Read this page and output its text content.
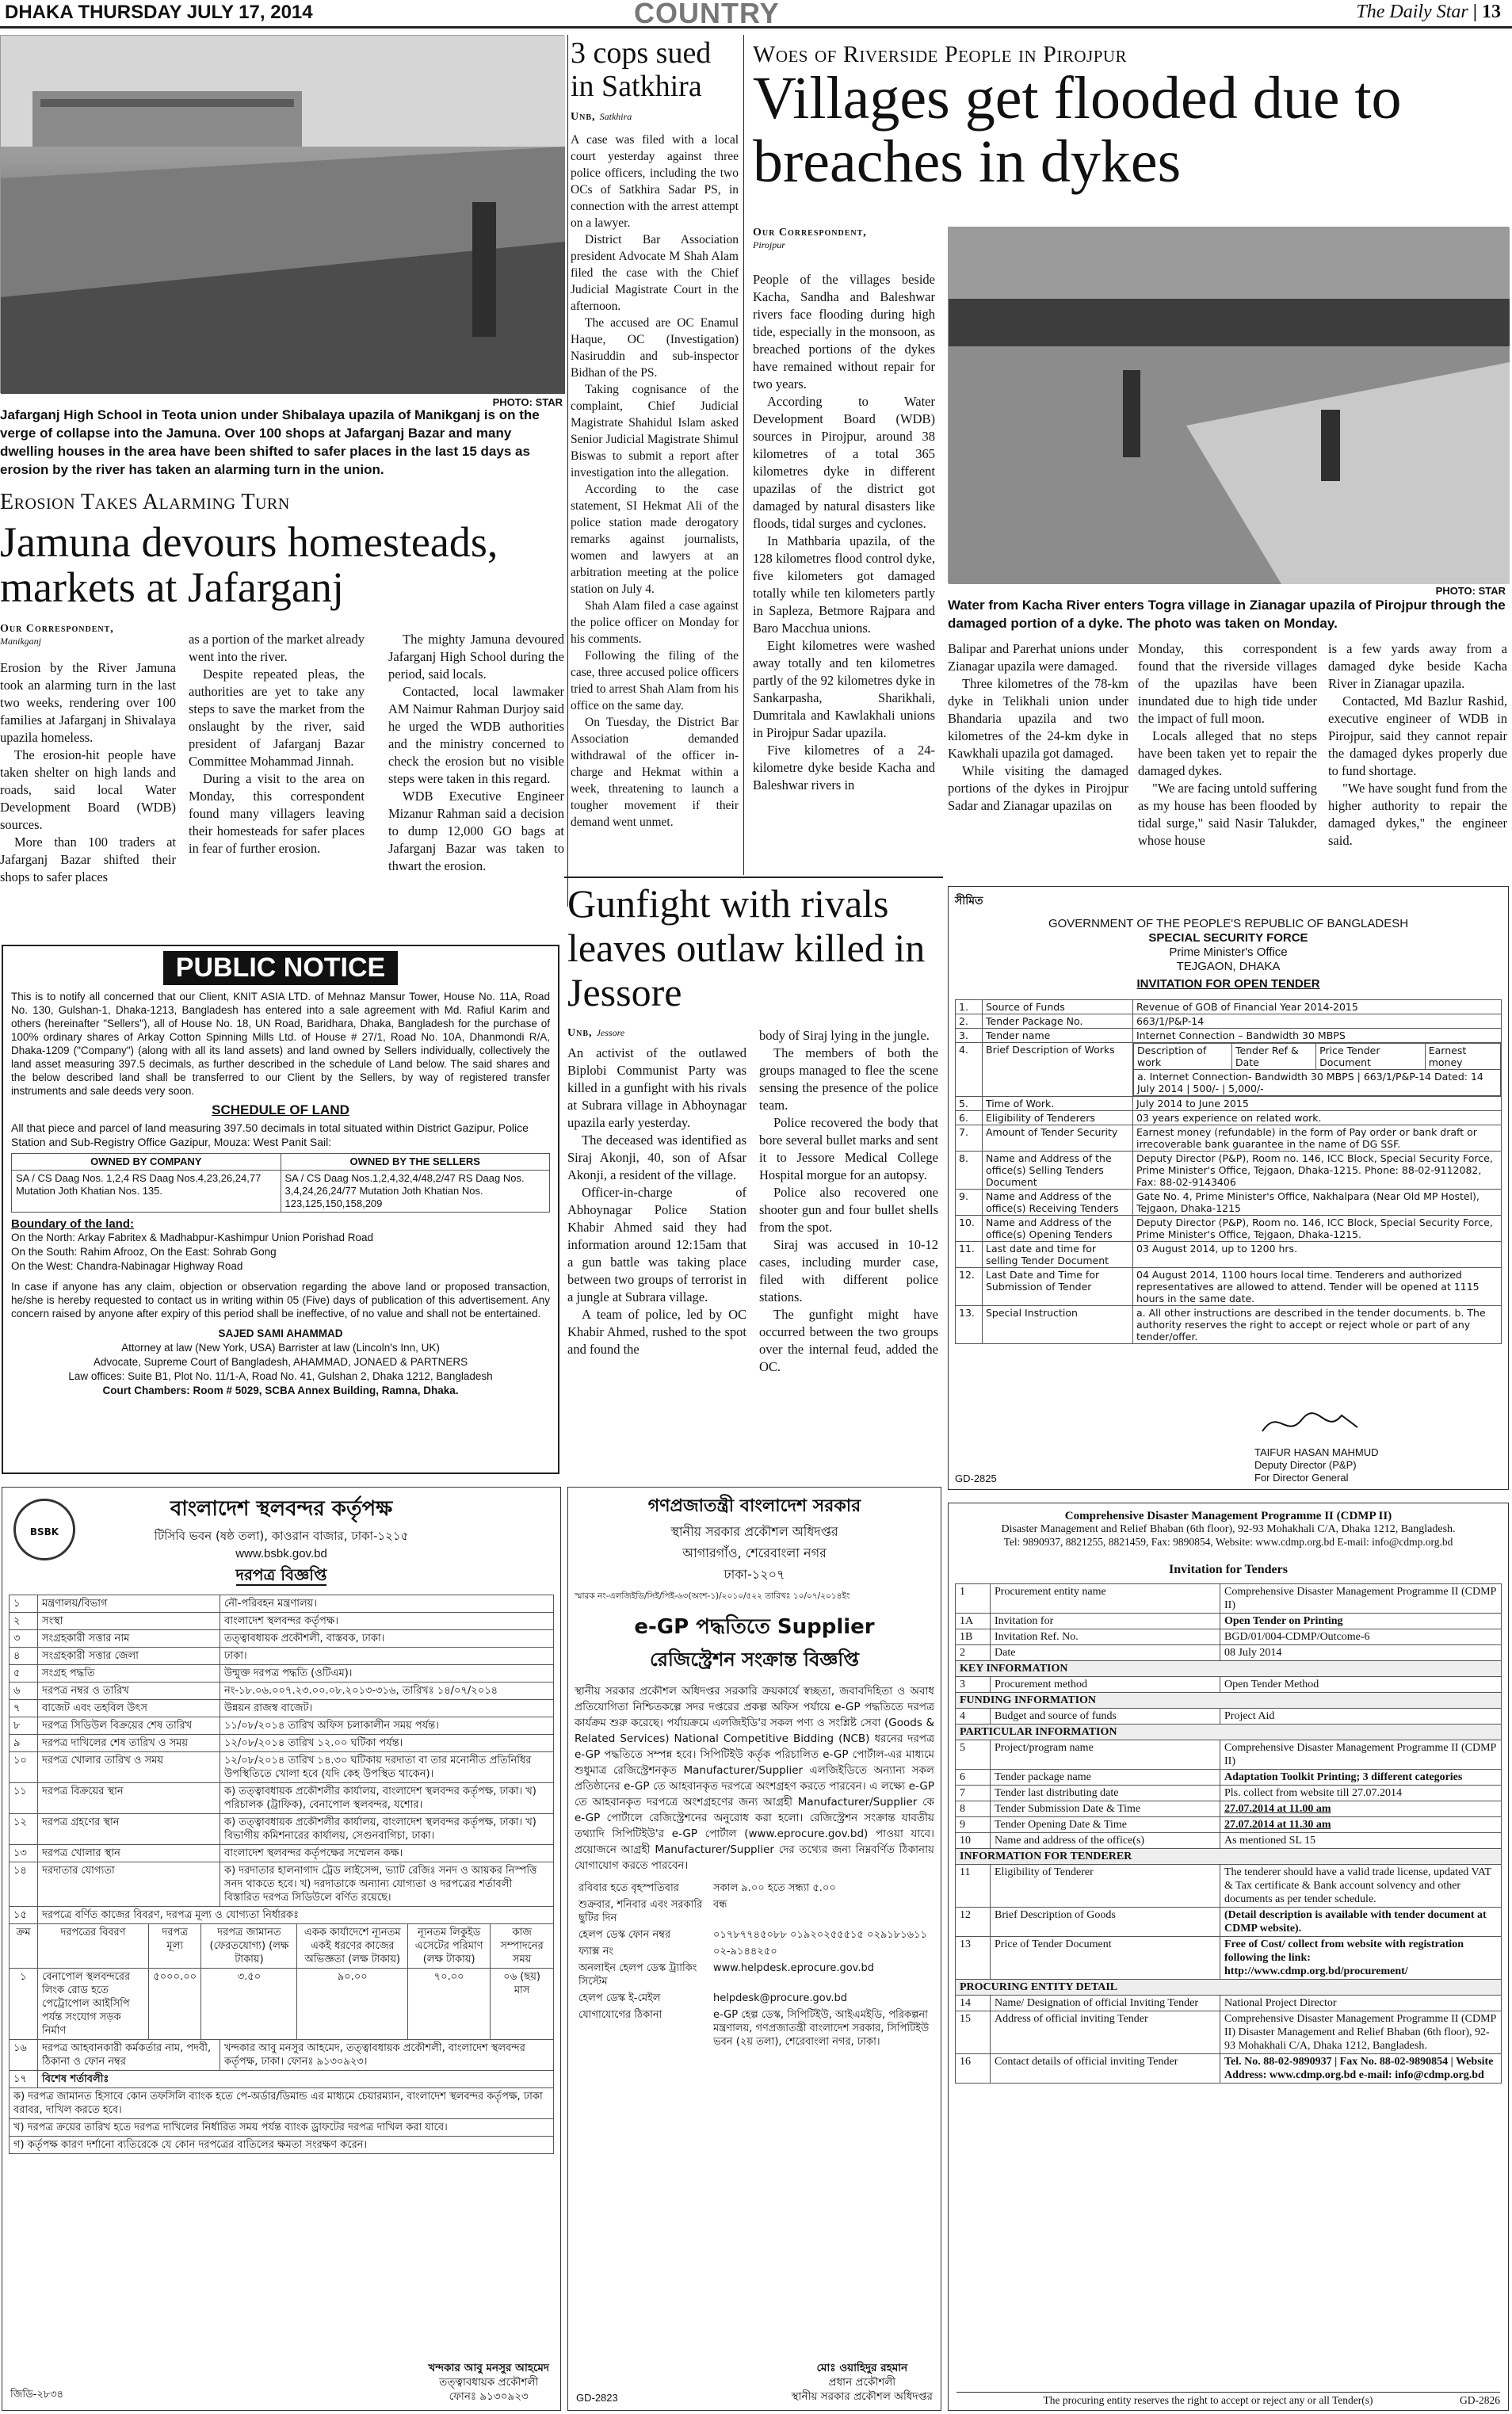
DHAKA THURSDAY JULY 17, 2014	COUNTRY	The Daily Star | 13
PHOTO: STAR
Jafarganj High School in Teota union under Shibalaya upazila of Manikganj is on the verge of collapse into the Jamuna. Over 100 shops at Jafarganj Bazar and many dwelling houses in the area have been shifted to safer places in the last 15 days as erosion by the river has taken an alarming turn in the union.
Erosion Takes Alarming Turn
Jamuna devours homesteads, markets at Jafarganj
Our Correspondent,
Manikganj

Erosion by the River Jamuna took an alarming turn in the last two weeks, rendering over 100 families at Jafarganj in Shivalaya upazila homeless.

The erosion-hit people have taken shelter on high lands and roads, said local Water Development Board (WDB) sources.

More than 100 traders at Jafarganj Bazar shifted their shops to safer places

as a portion of the market already went into the river.

Despite repeated pleas, the authorities are yet to take any steps to save the market from the onslaught by the river, said president of Jafarganj Bazar Committee Mohammad Jinnah.

During a visit to the area on Monday, this correspondent found many villagers leaving their homesteads for safer places in fear of further erosion.

The mighty Jamuna devoured Jafarganj High School during the period, said locals.

Contacted, local lawmaker AM Naimur Rahman Durjoy said he urged the WDB authorities and the ministry concerned to check the erosion but no visible steps were taken in this regard.

WDB Executive Engineer Mizanur Rahman said a decision to dump 12,000 GO bags at Jafarganj Bazar was taken to thwart the erosion.

3 cops sued in Satkhira
Unb, Satkhira

A case was filed with a local court yesterday against three police officers, including the two OCs of Satkhira Sadar PS, in connection with the arrest attempt on a lawyer.

District Bar Association president Advocate M Shah Alam filed the case with the Chief Judicial Magistrate Court in the afternoon.

The accused are OC Enamul Haque, OC (Investigation) Nasiruddin and sub-inspector Bidhan of the PS.

Taking cognisance of the complaint, Chief Judicial Magistrate Shahidul Islam asked Senior Judicial Magistrate Shimul Biswas to submit a report after investigation into the allegation.

According to the case statement, SI Hekmat Ali of the police station made derogatory remarks against journalists, women and lawyers at an arbitration meeting at the police station on July 4.

Shah Alam filed a case against the police officer on Monday for his comments.

Following the filing of the case, three accused police officers tried to arrest Shah Alam from his office on the same day.

On Tuesday, the District Bar Association demanded withdrawal of the officer in-charge and Hekmat within a week, threatening to launch a tougher movement if their demand went unmet.

Woes of Riverside People in Pirojpur
Villages get flooded due to breaches in dykes
Our Correspondent,
Pirojpur

People of the villages beside Kacha, Sandha and Baleshwar rivers face flooding during high tide, especially in the monsoon, as breached portions of the dykes have remained without repair for two years.

According to Water Development Board (WDB) sources in Pirojpur, around 38 kilometres of a total 365 kilometres dyke in different upazilas of the district got damaged by natural disasters like floods, tidal surges and cyclones.

In Mathbaria upazila, of the 128 kilometres flood control dyke, five kilometers got damaged totally while ten kilometers partly in Sapleza, Betmore Rajpara and Baro Macchua unions.

Eight kilometres were washed away totally and ten kilometres partly of the 92 kilometres dyke in Sankarpasha, Sharikhali, Dumritala and Kawlakhali unions in Pirojpur Sadar upazila.

Five kilometres of a 24-kilometre dyke beside Kacha and Baleshwar rivers in

PHOTO: STAR
Water from Kacha River enters Togra village in Zianagar upazila of Pirojpur through the damaged portion of a dyke. The photo was taken on Monday.

Balipar and Parerhat unions under Zianagar upazila were damaged.

Three kilometres of the 78-km dyke in Telikhali union under Bhandaria upazila and two kilometres of the 24-km dyke in Kawkhali upazila got damaged.

While visiting the damaged portions of the dykes in Pirojpur Sadar and Zianagar upazilas on

Monday, this correspondent found that the riverside villages of the upazilas have been inundated due to high tide under the impact of full moon.

Locals alleged that no steps have been taken yet to repair the damaged dykes.

"We are facing untold suffering as my house has been flooded by tidal surge," said Nasir Talukder, whose house

is a few yards away from a damaged dyke beside Kacha River in Zianagar upazila.

Contacted, Md Bazlur Rashid, executive engineer of WDB in Pirojpur, said they cannot repair the damaged dykes properly due to fund shortage.

"We have sought fund from the higher authority to repair the damaged dykes," the engineer said.

Gunfight with rivals leaves outlaw killed in Jessore
Unb, Jessore

An activist of the outlawed Biplobi Communist Party was killed in a gunfight with his rivals at Subrara village in Abhoynagar upazila early yesterday.

The deceased was identified as Siraj Akonji, 40, son of Afsar Akonji, a resident of the village.

Officer-in-charge of Abhoynagar Police Station Khabir Ahmed said they had information around 12:15am that a gun battle was taking place between two groups of terrorist in a jungle at Subrara village.

A team of police, led by OC Khabir Ahmed, rushed to the spot and found the

body of Siraj lying in the jungle.

The members of both the groups managed to flee the scene sensing the presence of the police team.

Police recovered the body that bore several bullet marks and sent it to Jessore Medical College Hospital morgue for an autopsy.

Police also recovered one shooter gun and four bullet shells from the spot.

Siraj was accused in 10-12 cases, including murder case, filed with different police stations.

The gunfight might have occurred between the two groups over the internal feud, added the OC.

PUBLIC NOTICE
This is to notify all concerned that our Client, KNIT ASIA LTD. of Mehnaz Mansur Tower, House No. 11A, Road No. 130, Gulshan-1, Dhaka-1213, Bangladesh has entered into a sale agreement with Md. Rafiul Karim and others (hereinafter "Sellers"), all of House No. 18, UN Road, Baridhara, Dhaka, Bangladesh for the purchase of 100% ordinary shares of Arkay Cotton Spinning Mills Ltd. of House # 27/1, Road No. 10A, Dhanmondi R/A, Dhaka-1209 ("Company") (along with all its land assets) and land owned by Sellers individually, collectively the land asset measuring 397.5 decimals, as further described in the schedule of Land below. The said shares and the below described land shall be transferred to our Client by the Sellers, by way of registered transfer instruments and sale deeds very soon.
SCHEDULE OF LAND
All that piece and parcel of land measuring 397.50 decimals in total situated within District Gazipur, Police Station and Sub-Registry Office Gazipur, Mouza: West Panit Sail:
OWNED BY COMPANY	OWNED BY THE SELLERS
SA / CS Daag Nos. 1,2,4 RS Daag Nos.4,23,26,24,77 Mutation Joth Khatian Nos. 135.	SA / CS Daag Nos.1,2,4,32,4/48,2/47 RS Daag Nos. 3,4,24,26,24/77 Mutation Joth Khatian Nos. 123,125,150,158,209
Boundary of the land:
On the North: Arkay Fabritex & Madhabpur-Kashimpur Union Porishad Road
On the South: Rahim Afrooz, On the East: Sohrab Gong
On the West: Chandra-Nabinagar Highway Road
In case if anyone has any claim, objection or observation regarding the above land or proposed transaction, he/she is hereby requested to contact us in writing within 05 (Five) days of publication of this advertisement. Any concern raised by anyone after expiry of this period shall be ineffective, of no value and shall not be entertained.
SAJED SAMI AHAMMAD
Attorney at law (New York, USA) Barrister at law (Lincoln's Inn, UK)
Advocate, Supreme Court of Bangladesh, AHAMMAD, JONAED & PARTNERS
Law offices: Suite B1, Plot No. 11/1-A, Road No. 41, Gulshan 2, Dhaka 1212, Bangladesh
Court Chambers: Room # 5029, SCBA Annex Building, Ramna, Dhaka.
সীমিত
GOVERNMENT OF THE PEOPLE'S REPUBLIC OF BANGLADESH
SPECIAL SECURITY FORCE
Prime Minister's Office
TEJGAON, DHAKA
INVITATION FOR OPEN TENDER
1.	Source of Funds	Revenue of GOB of Financial Year 2014-2015
2.	Tender Package No.	663/1/P&P-14
3.	Tender name	Internet Connection – Bandwidth 30 MBPS
4.	Brief Description of Works	Description of work	Tender Ref & Date	Price Tender Document	Earnest money
a. Internet Connection- Bandwidth 30 MBPS | 663/1/P&P-14 Dated: 14 July 2014 | 500/- | 5,000/-

5.	Time of Work.	July 2014 to June 2015
6.	Eligibility of Tenderers	03 years experience on related work.
7.	Amount of Tender Security	Earnest money (refundable) in the form of Pay order or bank draft or irrecoverable bank guarantee in the name of DG SSF.
8.	Name and Address of the office(s) Selling Tenders Document	Deputy Director (P&P), Room no. 146, ICC Block, Special Security Force, Prime Minister's Office, Tejgaon, Dhaka-1215. Phone: 88-02-9112082, Fax: 88-02-9143406
9.	Name and Address of the office(s) Receiving Tenders	Gate No. 4, Prime Minister's Office, Nakhalpara (Near Old MP Hostel), Tejgaon, Dhaka-1215
10.	Name and Address of the office(s) Opening Tenders	Deputy Director (P&P), Room no. 146, ICC Block, Special Security Force, Prime Minister's Office, Tejgaon, Dhaka-1215.
11.	Last date and time for selling Tender Document	03 August 2014, up to 1200 hrs.
12.	Last Date and Time for Submission of Tender	04 August 2014, 1100 hours local time. Tenderers and authorized representatives are allowed to attend. Tender will be opened at 1115 hours in the same date.
13.	Special Instruction	a. All other instructions are described in the tender documents. b. The authority reserves the right to accept or reject whole or part of any tender/offer.
GD-2825
TAIFUR HASAN MAHMUD
Deputy Director (P&P)
For Director General
Comprehensive Disaster Management Programme II (CDMP II)
Disaster Management and Relief Bhaban (6th floor), 92-93 Mohakhali C/A, Dhaka 1212, Bangladesh.
Tel: 9890937, 8821255, 8821459, Fax: 9890854, Website: www.cdmp.org.bd E-mail: info@cdmp.org.bd
Invitation for Tenders
1	Procurement entity name	Comprehensive Disaster Management Programme II (CDMP II)
1A	Invitation for	Open Tender on Printing
1B	Invitation Ref. No.	BGD/01/004-CDMP/Outcome-6
2	Date	08 July 2014
KEY INFORMATION		
3	Procurement method	Open Tender Method
FUNDING INFORMATION		
4	Budget and source of funds	Project Aid
PARTICULAR INFORMATION		
5	Project/program name	Comprehensive Disaster Management Programme II (CDMP II)
6	Tender package name	Adaptation Toolkit Printing; 3 different categories
7	Tender last distributing date	Pls. collect from website till 27.07.2014
8	Tender Submission Date & Time	27.07.2014 at 11.00 am
9	Tender Opening Date & Time	27.07.2014 at 11.30 am
10	Name and address of the office(s)	As mentioned SL 15
INFORMATION FOR TENDERER		
11	Eligibility of Tenderer	The tenderer should have a valid trade license, updated VAT & Tax certificate & Bank account solvency and other documents as per tender schedule.
12	Brief Description of Goods	(Detail description is available with tender document at CDMP website).
13	Price of Tender Document	Free of Cost/ collect from website with registration following the link: http://www.cdmp.org.bd/procurement/
PROCURING ENTITY DETAIL		
14	Name/ Designation of official Inviting Tender	National Project Director
15	Address of official inviting Tender	Comprehensive Disaster Management Programme II (CDMP II) Disaster Management and Relief Bhaban (6th floor), 92-93 Mohakhali C/A, Dhaka 1212, Bangladesh.
16	Contact details of official inviting Tender	Tel. No. 88-02-9890937 | Fax No. 88-02-9890854 | Website Address: www.cdmp.org.bd e-mail: info@cdmp.org.bd
The procuring entity reserves the right to accept or reject any or all Tender(s)	GD-2826
BSBK
বাংলাদেশ স্থলবন্দর কর্তৃপক্ষ
টিসিবি ভবন (ষষ্ঠ তলা), কাওরান বাজার, ঢাকা-১২১৫
www.bsbk.gov.bd
দরপত্র বিজ্ঞপ্তি
১	মন্ত্রণালয়/বিভাগ	নৌ-পরিবহন মন্ত্রণালয়।
২	সংস্থা	বাংলাদেশ স্থলবন্দর কর্তৃপক্ষ।
৩	সংগ্রহকারী সত্তার নাম	তত্ত্বাবধায়ক প্রকৌশলী, বাস্তবক, ঢাকা।
৪	সংগ্রহকারী সত্তার জেলা	ঢাকা।
৫	সংগ্রহ পদ্ধতি	উন্মুক্ত দরপত্র পদ্ধতি (ওটিএম)।
৬	দরপত্র নম্বর ও তারিখ	নং-১৮.০৬.০০৭.২৩.০০.০৮.২০১৩-৩১৬, তারিখঃ ১৪/০৭/২০১৪
৭	বাজেট এবং তহবিল উৎস	উন্নয়ন রাজস্ব বাজেট।
৮	দরপত্র সিডিউল বিক্রয়ের শেষ তারিখ	১১/০৮/২০১৪ তারিখ অফিস চলাকালীন সময় পর্যন্ত।
৯	দরপত্র দাখিলের শেষ তারিখ ও সময়	১২/০৮/২০১৪ তারিখ ১২.০০ ঘটিকা পর্যন্ত।
১০	দরপত্র খোলার তারিখ ও সময়	১২/০৮/২০১৪ তারিখ ১৪.৩০ ঘটিকায় দরদাতা বা তার মনোনীত প্রতিনিধির উপস্থিতিতে খোলা হবে (যদি কেহ উপস্থিত থাকেন)।
১১	দরপত্র বিক্রয়ের স্থান	ক) তত্ত্বাবধায়ক প্রকৌশলীর কার্যালয়, বাংলাদেশ স্থলবন্দর কর্তৃপক্ষ, ঢাকা। খ) পরিচালক (ট্রাফিক), বেনাপোল স্থলবন্দর, যশোর।
১২	দরপত্র গ্রহণের স্থান	ক) তত্ত্বাবধায়ক প্রকৌশলীর কার্যালয়, বাংলাদেশ স্থলবন্দর কর্তৃপক্ষ, ঢাকা। খ) বিভাগীয় কমিশনারের কার্যালয়, সেগুনবাগিচা, ঢাকা।
১৩	দরপত্র খোলার স্থান	বাংলাদেশ স্থলবন্দর কর্তৃপক্ষের সম্মেলন কক্ষ।
১৪	দরদাতার যোগ্যতা	ক) দরদাতার হালনাগাদ ট্রেড লাইসেন্স, ভ্যাট রেজিঃ সনদ ও আয়কর নিস্পত্তি সনদ থাকতে হবে। খ) দরদাতাকে অন্যান্য যোগ্যতা ও দরপত্রের শর্তাবলী বিস্তারিত দরপত্র সিডিউলে বর্ণিত রয়েছে।
১৫	দরপত্রে বর্ণিত কাজের বিবরণ, দরপত্র মূল্য ও যোগ্যতা নির্ধারকঃ	
ক্রম	দরপত্রের বিবরণ	দরপত্র মূল্য	দরপত্র জামানত (ফেরতযোগ্য) (লক্ষ টাকায়)	একক কার্যাদেশে ন্যূনতম একই ধরণের কাজের অভিজ্ঞতা (লক্ষ টাকায়)	ন্যূনতম লিকুইড এসেটের পরিমাণ (লক্ষ টাকায়)	কাজ সম্পাদনের সময়
১	বেনাপোল স্থলবন্দরের লিংক রোড হতে পেট্রোপোল আইসিপি পর্যন্ত সংযোগ সড়ক নির্মাণ	৫০০০.০০	৩.৫০	৯০.০০	৭০.০০	০৬ (ছয়) মাস
১৬	দরপত্র আহবানকারী কর্মকর্তার নাম, পদবী, ঠিকানা ও ফোন নম্বর	খন্দকার আবু মনসুর আহমেদ, তত্ত্বাবধায়ক প্রকৌশলী, বাংলাদেশ স্থলবন্দর কর্তৃপক্ষ, ঢাকা। ফোনঃ ৯১৩০৯২৩।
১৭	বিশেষ শর্তাবলীঃ	
ক) দরপত্র জামানত হিসাবে কোন তফসিলি ব্যাংক হতে পে-অর্ডার/ডিমান্ড এর মাধ্যমে চেয়ারম্যান, বাংলাদেশ স্থলবন্দর কর্তৃপক্ষ, ঢাকা বরাবর, দাখিল করতে হবে।		
খ) দরপত্র ক্রয়ের তারিখ হতে দরপত্র দাখিলের নির্ধারিত সময় পর্যন্ত ব্যাংক ড্রাফটের দরপত্র দাখিল করা যাবে।		
গ) কর্তৃপক্ষ কারণ দর্শানো ব্যতিরেকে যে কোন দরপত্রের বাতিলের ক্ষমতা সংরক্ষণ করেন।		
খন্দকার আবু মনসুর আহমেদ
তত্ত্বাবধায়ক প্রকৌশলী
ফোনঃ ৯১৩০৯২৩
জিডি-২৮৩৪
গণপ্রজাতন্ত্রী বাংলাদেশ সরকার
স্থানীয় সরকার প্রকৌশল অধিদপ্তর
আগারগাঁও, শেরেবাংলা নগর
ঢাকা-১২০৭
স্মারক নং-এলজিইডি/সিই/পিই-৬৩(অংশ-১)/২০১০/৫২২ তারিখঃ ১০/০৭/২০১৪ইং
e-GP পদ্ধতিতে Supplier
রেজিস্ট্রেশন সংক্রান্ত বিজ্ঞপ্তি
স্থানীয় সরকার প্রকৌশল অধিদপ্তর সরকারি ক্রয়কার্যে স্বচ্ছতা, জবাবদিহিতা ও অবাধ প্রতিযোগিতা নিশ্চিতকল্পে সদর দপ্তরের প্রকল্প অফিস পর্যায়ে e-GP পদ্ধতিতে দরপত্র কার্যক্রম শুরু করেছে। পর্যায়ক্রমে এলজিইডি'র সকল পণ্য ও সংশ্লিষ্ট সেবা (Goods & Related Services) National Competitive Bidding (NCB) ধরনের দরপত্র e-GP পদ্ধতিতে সম্পন্ন হবে। সিপিটিইউ কর্তৃক পরিচালিত e-GP পোর্টাল-এর মাধ্যমে শুধুমাত্র রেজিস্ট্রেশনকৃত Manufacturer/Supplier এলজিইডিতে অন্যান্য সকল প্রতিষ্ঠানের e-GP তে আহবানকৃত দরপত্রে অংশগ্রহণ করতে পারবেন। এ লক্ষ্যে e-GP তে আহবানকৃত দরপত্রে অংশগ্রহণের জন্য আগ্রহী Manufacturer/Supplier কে e-GP পোর্টালে রেজিস্ট্রেশনের অনুরোধ করা হলো। রেজিস্ট্রেশন সংক্রান্ত যাবতীয় তথ্যাদি সিপিটিইউ'র e-GP পোর্টাল (www.eprocure.gov.bd) পাওয়া যাবে। প্রয়োজনে আগ্রহী Manufacturer/Supplier দের তথ্যের জন্য নিম্নবর্ণিত ঠিকানায় যোগাযোগ করতে পারবেন।
রবিবার হতে বৃহস্পতিবার	সকাল ৯.০০ হতে সন্ধ্যা ৫.০০
শুক্রবার, শনিবার এবং সরকারি ছুটির দিন	বন্ধ
হেলপ ডেস্ক ফোন নম্বর	০১৭৮৭৭৪৫০৮৮ ০১৯২০২৫৫৫১৫ ০২৯১৮১৬১১
ফ্যাক্স নং	০২-৯১৪৪২৫০
অনলাইন হেলপ ডেস্ক ট্র্যাকিং সিস্টেম	www.helpdesk.eprocure.gov.bd
হেলপ ডেস্ক ই-মেইল	helpdesk@procure.gov.bd
যোগাযোগের ঠিকানা	e-GP হেল্প ডেস্ক, সিপিটিইউ, আইএমইডি, পরিকল্পনা মন্ত্রণালয়, গণপ্রজাতন্ত্রী বাংলাদেশ সরকার, সিপিটিইউ ভবন (২য় তলা), শেরেবাংলা নগর, ঢাকা।
মোঃ ওয়াহিদুর রহমান
প্রধান প্রকৌশলী
স্থানীয় সরকার প্রকৌশল অধিদপ্তর
GD-2823
